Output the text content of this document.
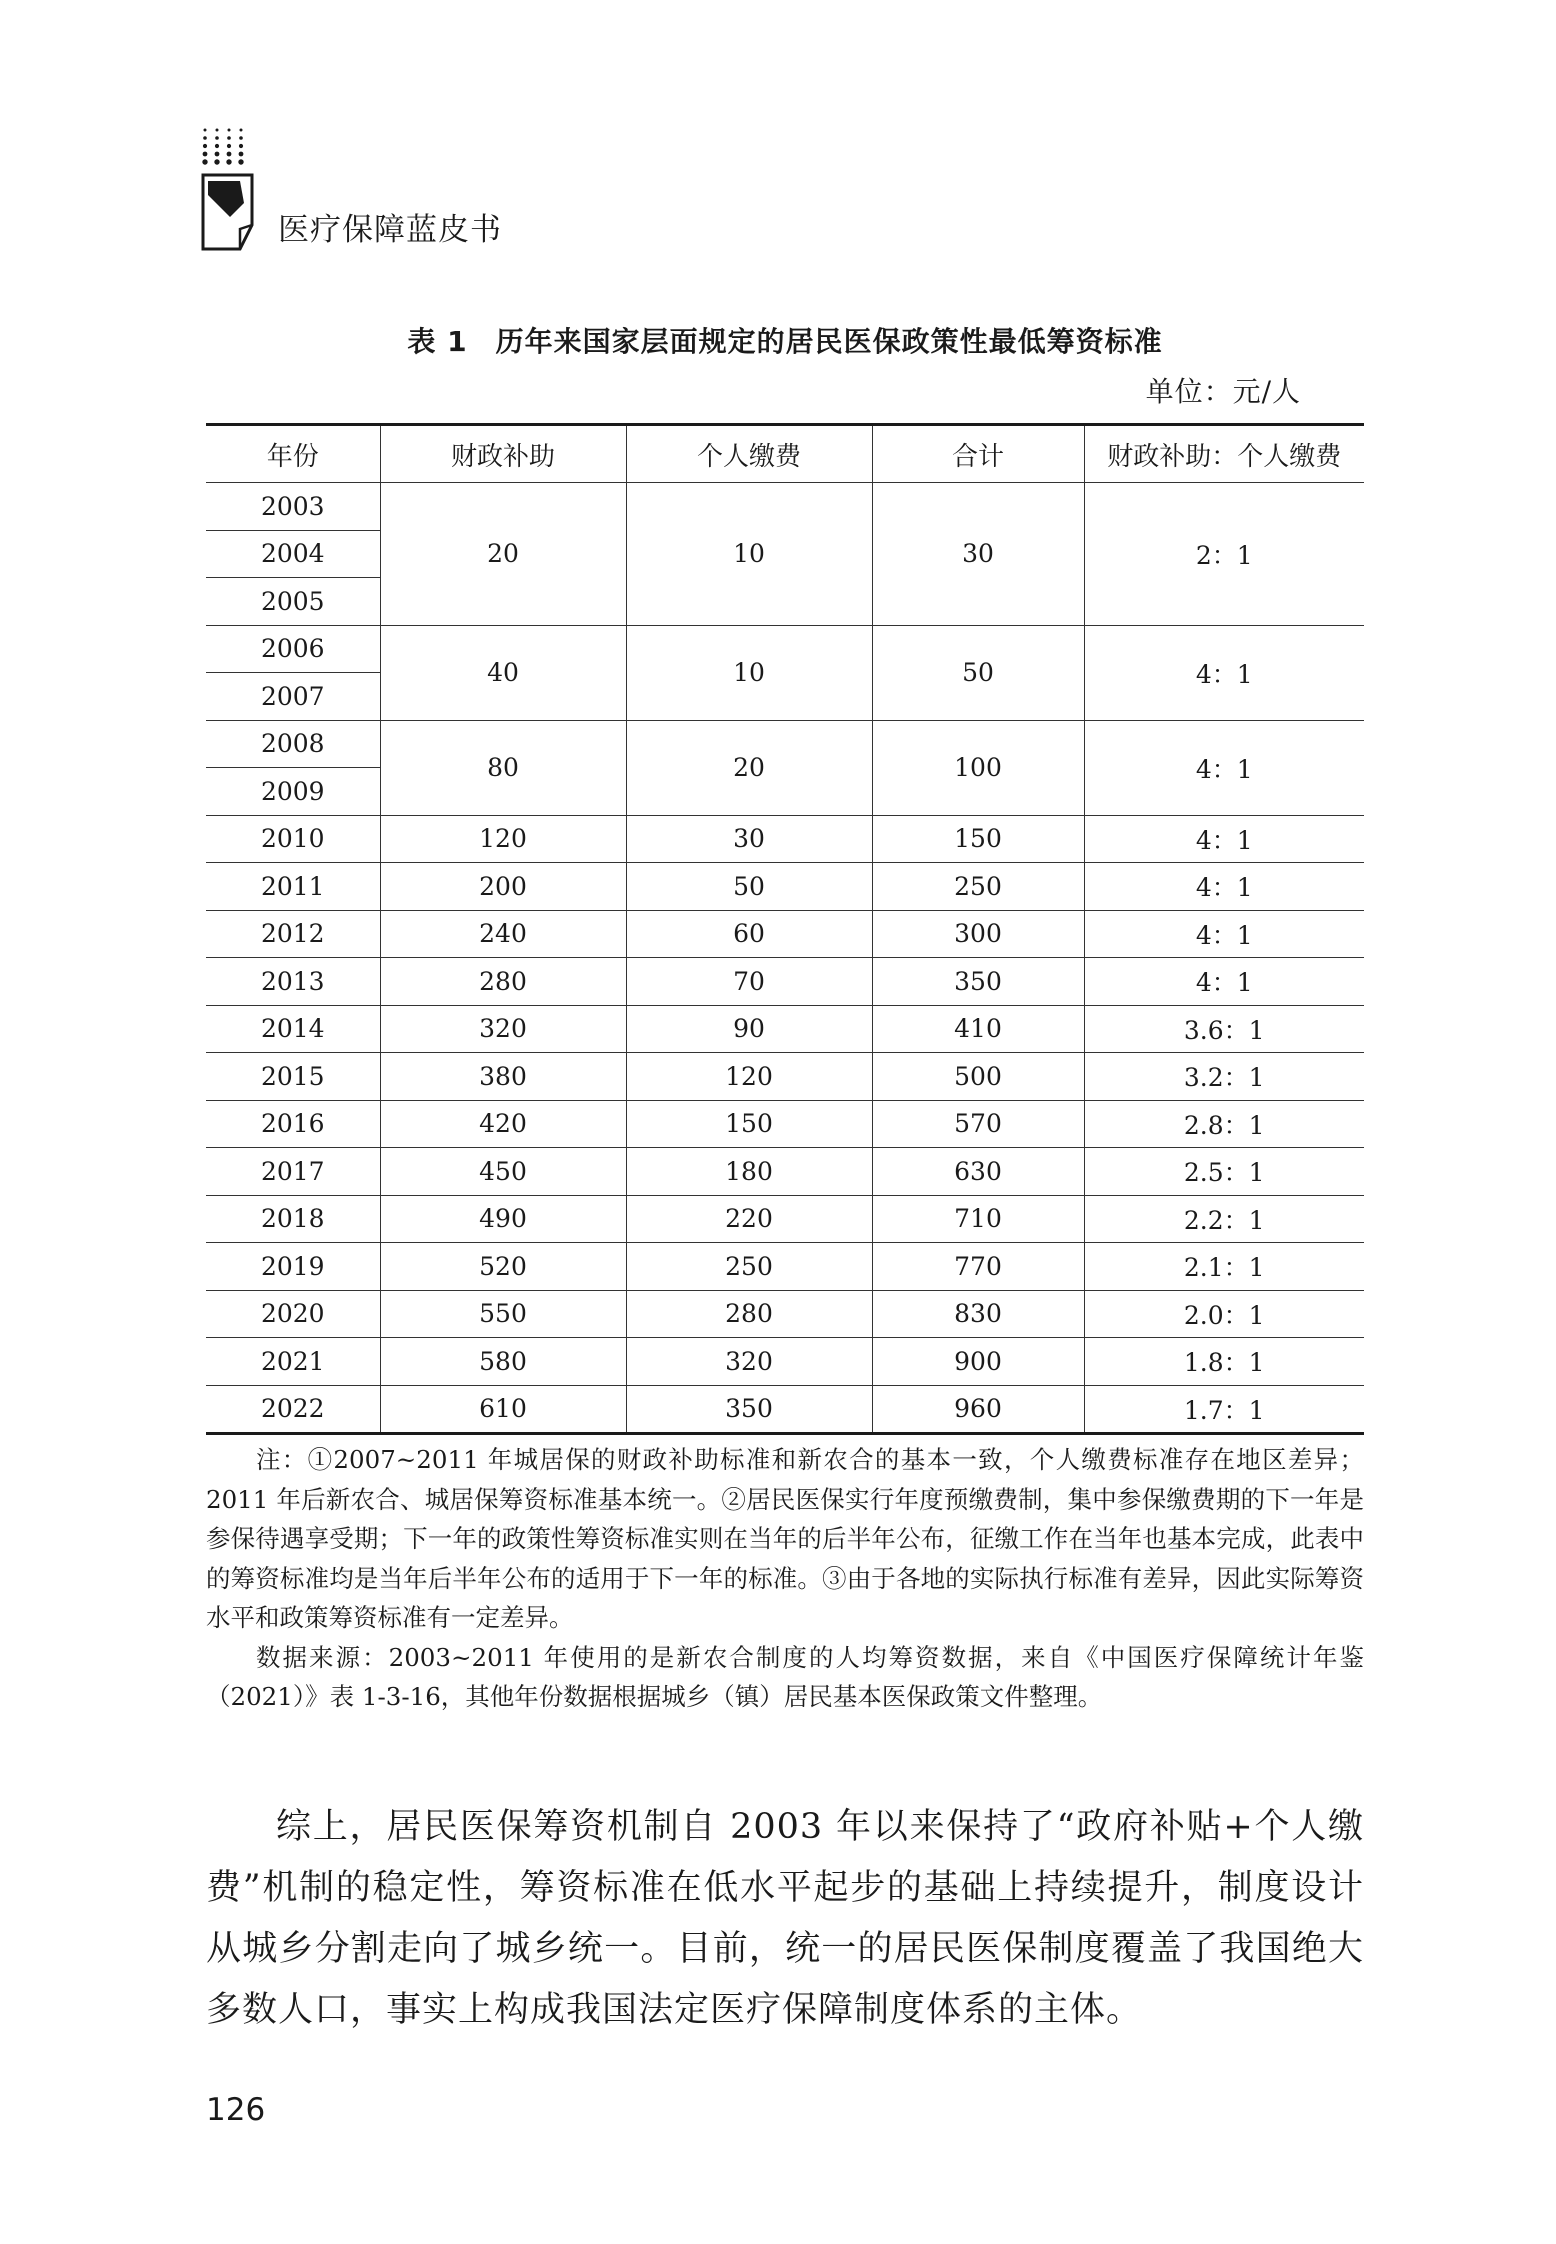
医疗保障蓝皮书
表 1 历年来国家层面规定的居民医保政策性最低筹资标准
单位：元/人
年份	财政补助	个人缴费	合计	财政补助：个人缴费
2003	20	10	30	2：1
2004				
2005				
2006	40	10	50	4：1
2007				
2008	80	20	100	4：1
2009				
2010	120	30	150	4：1
2011	200	50	250	4：1
2012	240	60	300	4：1
2013	280	70	350	4：1
2014	320	90	410	3.6：1
2015	380	120	500	3.2：1
2016	420	150	570	2.8：1
2017	450	180	630	2.5：1
2018	490	220	710	2.2：1
2019	520	250	770	2.1：1
2020	550	280	830	2.0：1
2021	580	320	900	1.8：1
2022	610	350	960	1.7：1

注：①2007~2011 年城居保的财政补助标准和新农合的基本一致，个人缴费标准存在地区差异；2011 年后新农合、城居保筹资标准基本统一。②居民医保实行年度预缴费制，集中参保缴费期的下一年是参保待遇享受期；下一年的政策性筹资标准实则在当年的后半年公布，征缴工作在当年也基本完成，此表中的筹资标准均是当年后半年公布的适用于下一年的标准。③由于各地的实际执行标准有差异，因此实际筹资水平和政策筹资标准有一定差异。

数据来源：2003~2011 年使用的是新农合制度的人均筹资数据，来自《中国医疗保障统计年鉴（2021）》表 1-3-16，其他年份数据根据城乡（镇）居民基本医保政策文件整理。

综上，居民医保筹资机制自 2003 年以来保持了“政府补贴+个人缴费”机制的稳定性，筹资标准在低水平起步的基础上持续提升，制度设计从城乡分割走向了城乡统一。目前，统一的居民医保制度覆盖了我国绝大多数人口，事实上构成我国法定医疗保障制度体系的主体。

126
